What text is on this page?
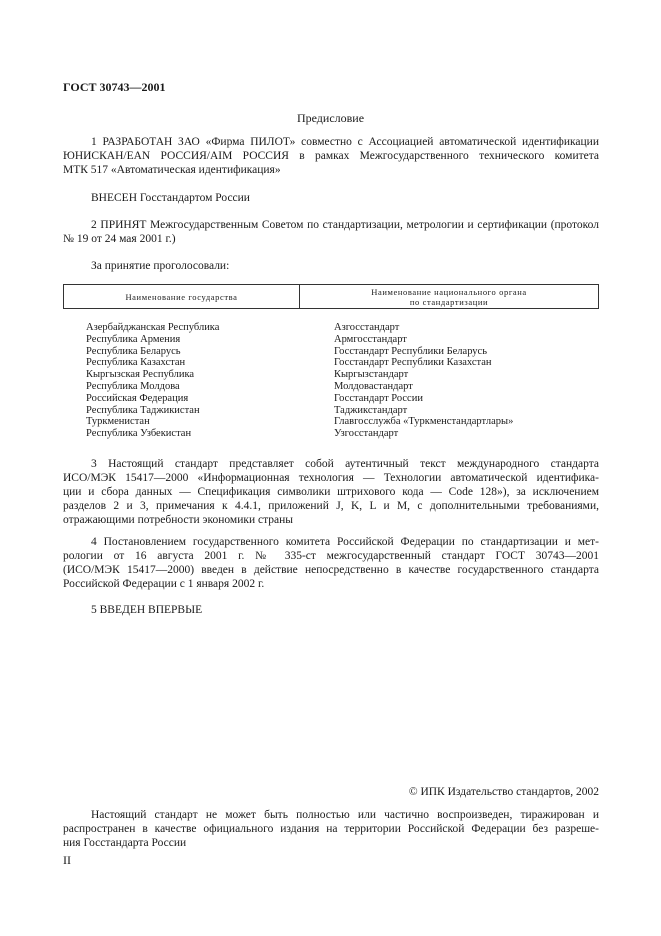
ГОСТ 30743—2001
Предисловие
1 РАЗРАБОТАН ЗАО «Фирма ПИЛОТ» совместно с Ассоциацией автоматической идентификации
ЮНИСКАН/EAN РОССИЯ/AIM РОССИЯ в рамках Межгосударственного технического комитета
МТК 517 «Автоматическая идентификация»
ВНЕСЕН Госстандартом России
2 ПРИНЯТ Межгосударственным Советом по стандартизации, метрологии и сертификации (протокол
№ 19 от 24 мая 2001 г.)
За принятие проголосовали:
Наименование государства	Наименование национального органа
по стандартизации
Азербайджанская Республика	Азгосстандарт
Республика Армения	Армгосстандарт
Республика Беларусь	Госстандарт Республики Беларусь
Республика Казахстан	Госстандарт Республики Казахстан
Кыргызская Республика	Кыргызстандарт
Республика Молдова	Молдовастандарт
Российская Федерация	Госстандарт России
Республика Таджикистан	Таджикстандарт
Туркменистан	Главгосслужба «Туркменстандартлары»
Республика Узбекистан	Узгосстандарт
3 Настоящий стандарт представляет собой аутентичный текст международного стандарта
ИСО/МЭК 15417—2000 «Информационная технология — Технологии автоматической идентифика-
ции и сбора данных — Спецификация символики штрихового кода — Code 128»), за исключением
разделов 2 и 3, примечания к 4.4.1, приложений J, K, L и M, с дополнительными требованиями,
отражающими потребности экономики страны
4 Постановлением государственного комитета Российской Федерации по стандартизации и мет-
рологии от 16 августа 2001 г. № 335-ст межгосударственный стандарт ГОСТ 30743—2001
(ИСО/МЭК 15417—2000) введен в действие непосредственно в качестве государственного стандарта
Российской Федерации с 1 января 2002 г.
5 ВВЕДЕН ВПЕРВЫЕ
© ИПК Издательство стандартов, 2002
Настоящий стандарт не может быть полностью или частично воспроизведен, тиражирован и
распространен в качестве официального издания на территории Российской Федерации без разреше-
ния Госстандарта России
II
